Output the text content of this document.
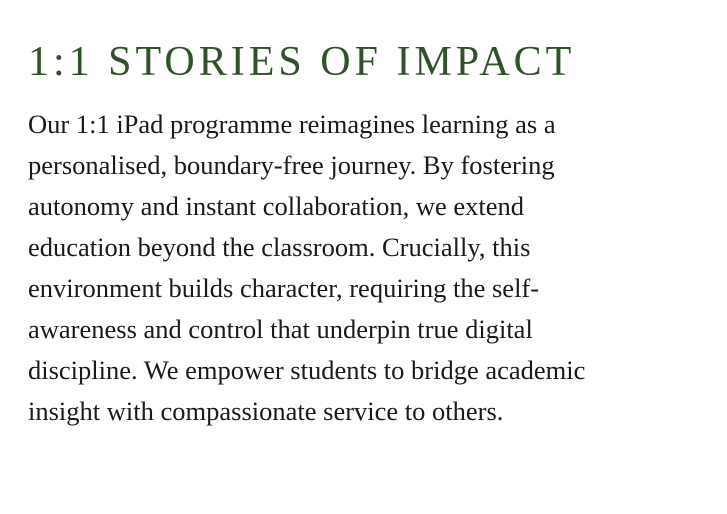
1:1 STORIES OF IMPACT

Our 1:1 iPad programme reimagines learning as a
personalised, boundary-free journey. By fostering
autonomy and instant collaboration, we extend
education beyond the classroom. Crucially, this
environment builds character, requiring the self-
awareness and control that underpin true digital
discipline. We empower students to bridge academic
insight with compassionate service to others.
